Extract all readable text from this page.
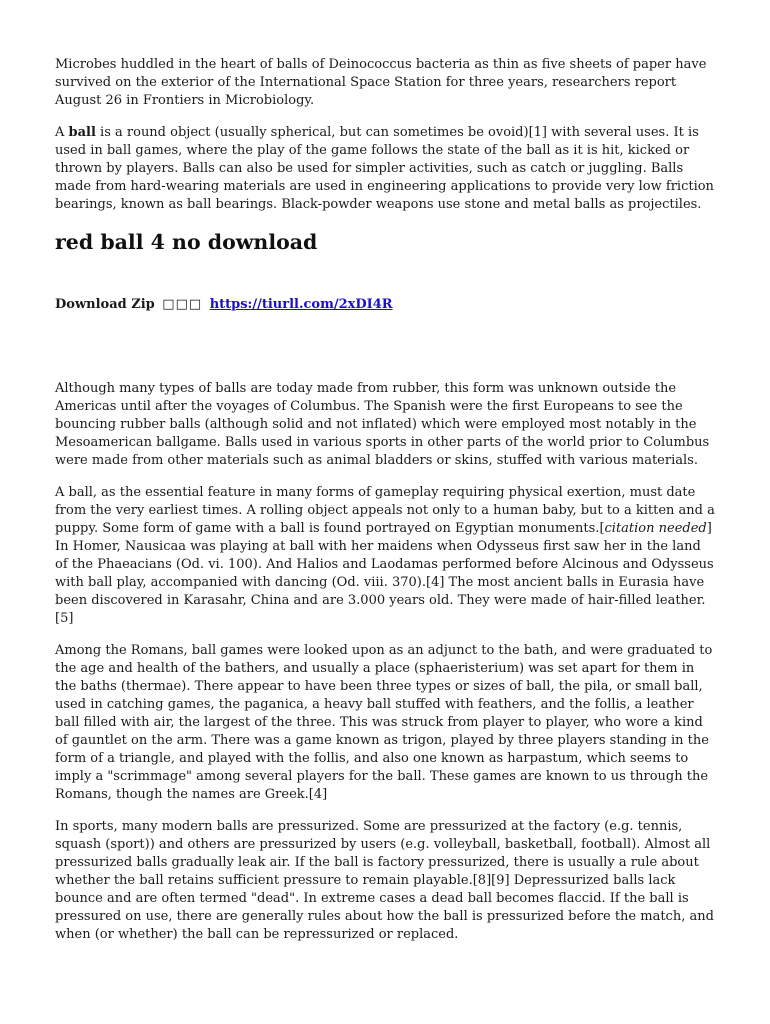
Microbes huddled in the heart of balls of Deinococcus bacteria as thin as five sheets of paper have survived on the exterior of the International Space Station for three years, researchers report August 26 in Frontiers in Microbiology.

A ball is a round object (usually spherical, but can sometimes be ovoid)[1] with several uses. It is used in ball games, where the play of the game follows the state of the ball as it is hit, kicked or thrown by players. Balls can also be used for simpler activities, such as catch or juggling. Balls made from hard-wearing materials are used in engineering applications to provide very low friction bearings, known as ball bearings. Black-powder weapons use stone and metal balls as projectiles.

red ball 4 no download
Download Zip □□□ https://tiurll.com/2xDI4R

Although many types of balls are today made from rubber, this form was unknown outside the Americas until after the voyages of Columbus. The Spanish were the first Europeans to see the bouncing rubber balls (although solid and not inflated) which were employed most notably in the Mesoamerican ballgame. Balls used in various sports in other parts of the world prior to Columbus were made from other materials such as animal bladders or skins, stuffed with various materials.

A ball, as the essential feature in many forms of gameplay requiring physical exertion, must date from the very earliest times. A rolling object appeals not only to a human baby, but to a kitten and a puppy. Some form of game with a ball is found portrayed on Egyptian monuments.[citation needed] In Homer, Nausicaa was playing at ball with her maidens when Odysseus first saw her in the land of the Phaeacians (Od. vi. 100). And Halios and Laodamas performed before Alcinous and Odysseus with ball play, accompanied with dancing (Od. viii. 370).[4] The most ancient balls in Eurasia have been discovered in Karasahr, China and are 3.000 years old. They were made of hair-filled leather.[5]

Among the Romans, ball games were looked upon as an adjunct to the bath, and were graduated to the age and health of the bathers, and usually a place (sphaeristerium) was set apart for them in the baths (thermae). There appear to have been three types or sizes of ball, the pila, or small ball, used in catching games, the paganica, a heavy ball stuffed with feathers, and the follis, a leather ball filled with air, the largest of the three. This was struck from player to player, who wore a kind of gauntlet on the arm. There was a game known as trigon, played by three players standing in the form of a triangle, and played with the follis, and also one known as harpastum, which seems to imply a "scrimmage" among several players for the ball. These games are known to us through the Romans, though the names are Greek.[4]

In sports, many modern balls are pressurized. Some are pressurized at the factory (e.g. tennis, squash (sport)) and others are pressurized by users (e.g. volleyball, basketball, football). Almost all pressurized balls gradually leak air. If the ball is factory pressurized, there is usually a rule about whether the ball retains sufficient pressure to remain playable.[8][9] Depressurized balls lack bounce and are often termed "dead". In extreme cases a dead ball becomes flaccid. If the ball is pressured on use, there are generally rules about how the ball is pressurized before the match, and when (or whether) the ball can be repressurized or replaced.
